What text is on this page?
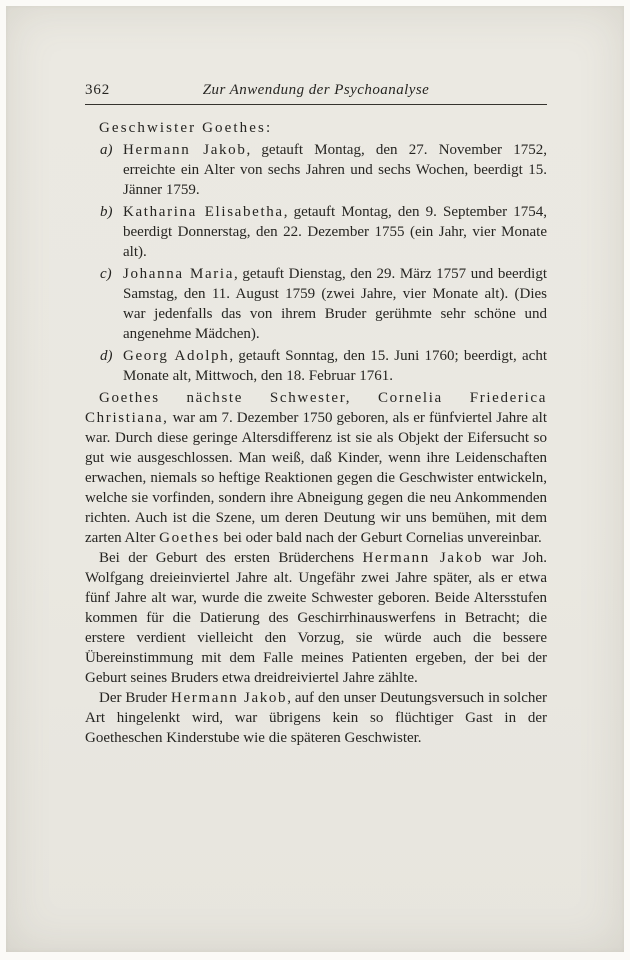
362	Zur Anwendung der Psychoanalyse

Geschwister Goethes:

a) Hermann Jakob, getauft Montag, den 27. November 1752, erreichte ein Alter von sechs Jahren und sechs Wochen, beerdigt 15. Jänner 1759.

b) Katharina Elisabetha, getauft Montag, den 9. September 1754, beerdigt Donnerstag, den 22. Dezember 1755 (ein Jahr, vier Monate alt).

c) Johanna Maria, getauft Dienstag, den 29. März 1757 und beerdigt Samstag, den 11. August 1759 (zwei Jahre, vier Monate alt). (Dies war jedenfalls das von ihrem Bruder gerühmte sehr schöne und angenehme Mädchen).

d) Georg Adolph, getauft Sonntag, den 15. Juni 1760; beerdigt, acht Monate alt, Mittwoch, den 18. Februar 1761.

Goethes nächste Schwester, Cornelia Friederica Christiana, war am 7. Dezember 1750 geboren, als er fünfviertel Jahre alt war. Durch diese geringe Altersdifferenz ist sie als Objekt der Eifersucht so gut wie ausgeschlossen. Man weiß, daß Kinder, wenn ihre Leidenschaften erwachen, niemals so heftige Reaktionen gegen die Geschwister entwickeln, welche sie vorfinden, sondern ihre Abneigung gegen die neu Ankommenden richten. Auch ist die Szene, um deren Deutung wir uns bemühen, mit dem zarten Alter Goethes bei oder bald nach der Geburt Cornelias unvereinbar.

Bei der Geburt des ersten Brüderchens Hermann Jakob war Joh. Wolfgang dreieinviertel Jahre alt. Ungefähr zwei Jahre später, als er etwa fünf Jahre alt war, wurde die zweite Schwester geboren. Beide Altersstufen kommen für die Datierung des Geschirrhinauswerfens in Betracht; die erstere verdient vielleicht den Vorzug, sie würde auch die bessere Übereinstimmung mit dem Falle meines Patienten ergeben, der bei der Geburt seines Bruders etwa dreidreiviertel Jahre zählte.

Der Bruder Hermann Jakob, auf den unser Deutungsversuch in solcher Art hingelenkt wird, war übrigens kein so flüchtiger Gast in der Goetheschen Kinderstube wie die späteren Geschwister.
